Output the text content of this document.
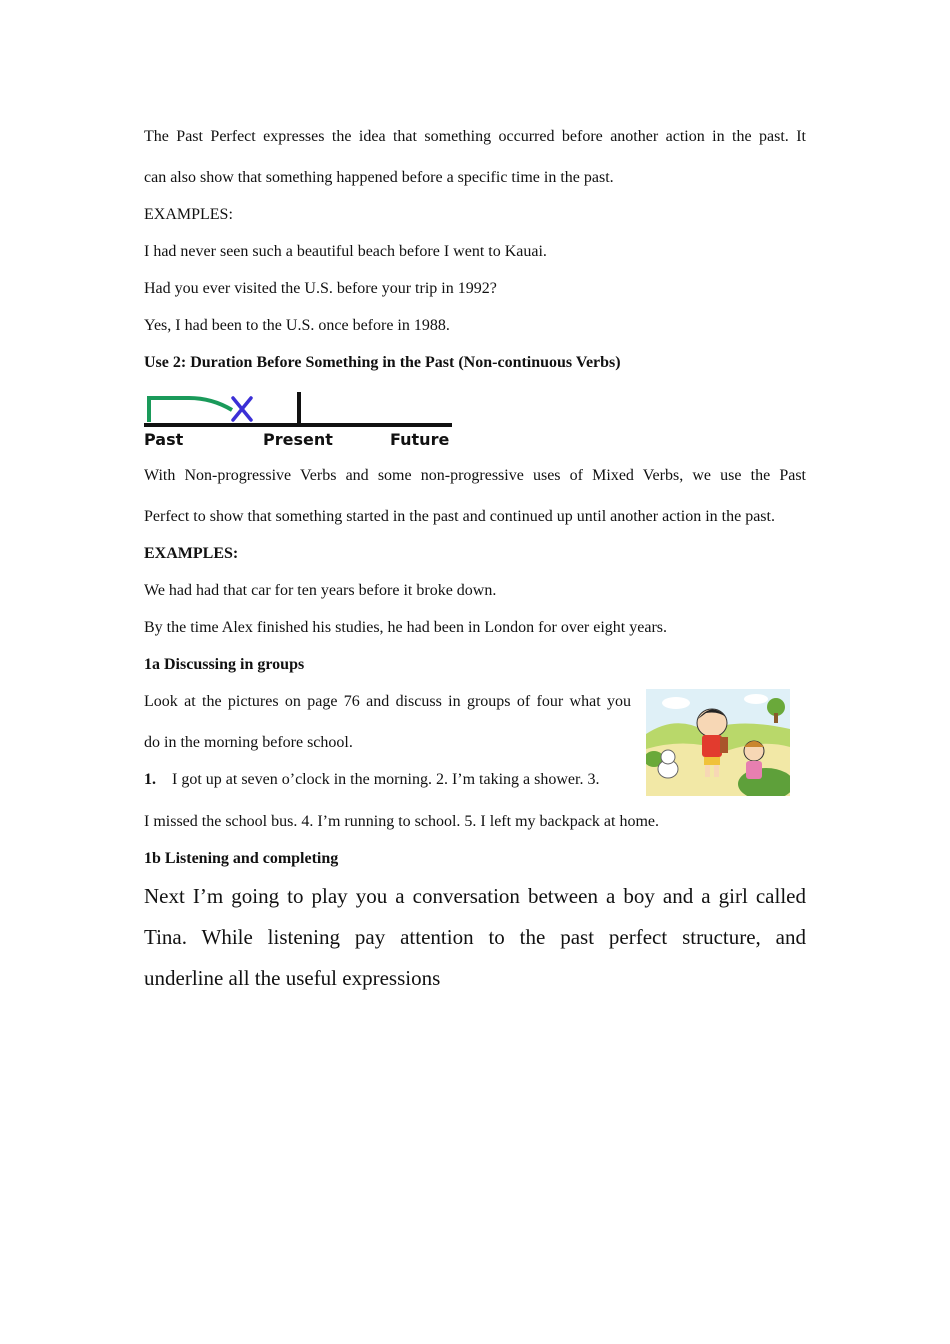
The Past Perfect expresses the idea that something occurred before another action in the past. It
can also show that something happened before a specific time in the past.
EXAMPLES:
I had never seen such a beautiful beach before I went to Kauai.
Had you ever visited the U.S. before your trip in 1992?
Yes, I had been to the U.S. once before in 1988.
Use 2: Duration Before Something in the Past (Non-continuous Verbs)
Past	Present	Future
With Non-progressive Verbs and some non-progressive uses of Mixed Verbs, we use the Past
Perfect to show that something started in the past and continued up until another action in the past.
EXAMPLES:
We had had that car for ten years before it broke down.
By the time Alex finished his studies, he had been in London for over eight years.
1a Discussing in groups
Look at the pictures on page 76 and discuss in groups of four what you
do in the morning before school.
1. I got up at seven o’clock in the morning. 2. I’m taking a shower. 3.
I missed the school bus. 4. I’m running to school. 5. I left my backpack at home.
1b Listening and completing
Next I’m going to play you a conversation between a boy and a girl called
Tina. While listening pay attention to the past perfect structure, and
underline all the useful expressions
